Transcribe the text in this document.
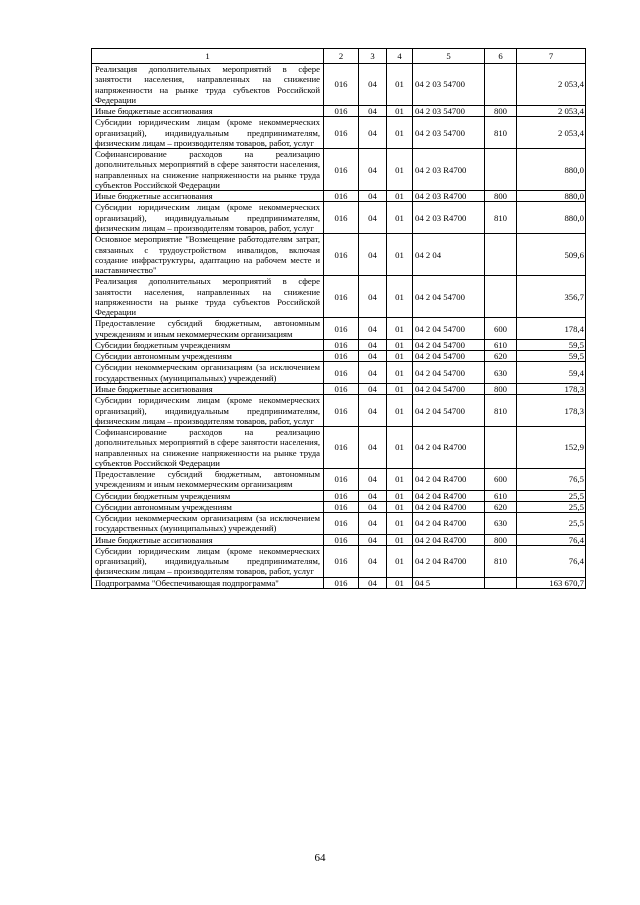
1	2	3	4	5	6	7
Реализация дополнительных мероприятий в сфере занятости населения, направленных на снижение напряженности на рынке труда субъектов Российской Федерации	016	04	01	04 2 03 54700		2 053,4
Иные бюджетные ассигнования	016	04	01	04 2 03 54700	800	2 053,4
Субсидии юридическим лицам (кроме некоммерческих организаций), индивидуальным предпринимателям, физическим лицам – производителям товаров, работ, услуг	016	04	01	04 2 03 54700	810	2 053,4
Софинансирование расходов на реализацию дополнительных мероприятий в сфере занятости населения, направленных на снижение напряженности на рынке труда субъектов Российской Федерации	016	04	01	04 2 03 R4700		880,0
Иные бюджетные ассигнования	016	04	01	04 2 03 R4700	800	880,0
Субсидии юридическим лицам (кроме некоммерческих организаций), индивидуальным предпринимателям, физическим лицам – производителям товаров, работ, услуг	016	04	01	04 2 03 R4700	810	880,0
Основное мероприятие "Возмещение работодателям затрат, связанных с трудоустройством инвалидов, включая создание инфраструктуры, адаптацию на рабочем месте и наставничество"	016	04	01	04 2 04		509,6
Реализация дополнительных мероприятий в сфере занятости населения, направленных на снижение напряженности на рынке труда субъектов Российской Федерации	016	04	01	04 2 04 54700		356,7
Предоставление субсидий бюджетным, автономным учреждениям и иным некоммерческим организациям	016	04	01	04 2 04 54700	600	178,4
Субсидии бюджетным учреждениям	016	04	01	04 2 04 54700	610	59,5
Субсидии автономным учреждениям	016	04	01	04 2 04 54700	620	59,5
Субсидии некоммерческим организациям (за исключением государственных (муниципальных) учреждений)	016	04	01	04 2 04 54700	630	59,4
Иные бюджетные ассигнования	016	04	01	04 2 04 54700	800	178,3
Субсидии юридическим лицам (кроме некоммерческих организаций), индивидуальным предпринимателям, физическим лицам – производителям товаров, работ, услуг	016	04	01	04 2 04 54700	810	178,3
Софинансирование расходов на реализацию дополнительных мероприятий в сфере занятости населения, направленных на снижение напряженности на рынке труда субъектов Российской Федерации	016	04	01	04 2 04 R4700		152,9
Предоставление субсидий бюджетным, автономным учреждениям и иным некоммерческим организациям	016	04	01	04 2 04 R4700	600	76,5
Субсидии бюджетным учреждениям	016	04	01	04 2 04 R4700	610	25,5
Субсидии автономным учреждениям	016	04	01	04 2 04 R4700	620	25,5
Субсидии некоммерческим организациям (за исключением государственных (муниципальных) учреждений)	016	04	01	04 2 04 R4700	630	25,5
Иные бюджетные ассигнования	016	04	01	04 2 04 R4700	800	76,4
Субсидии юридическим лицам (кроме некоммерческих организаций), индивидуальным предпринимателям, физическим лицам – производителям товаров, работ, услуг	016	04	01	04 2 04 R4700	810	76,4
Подпрограмма "Обеспечивающая подпрограмма"	016	04	01	04 5		163 670,7
64
